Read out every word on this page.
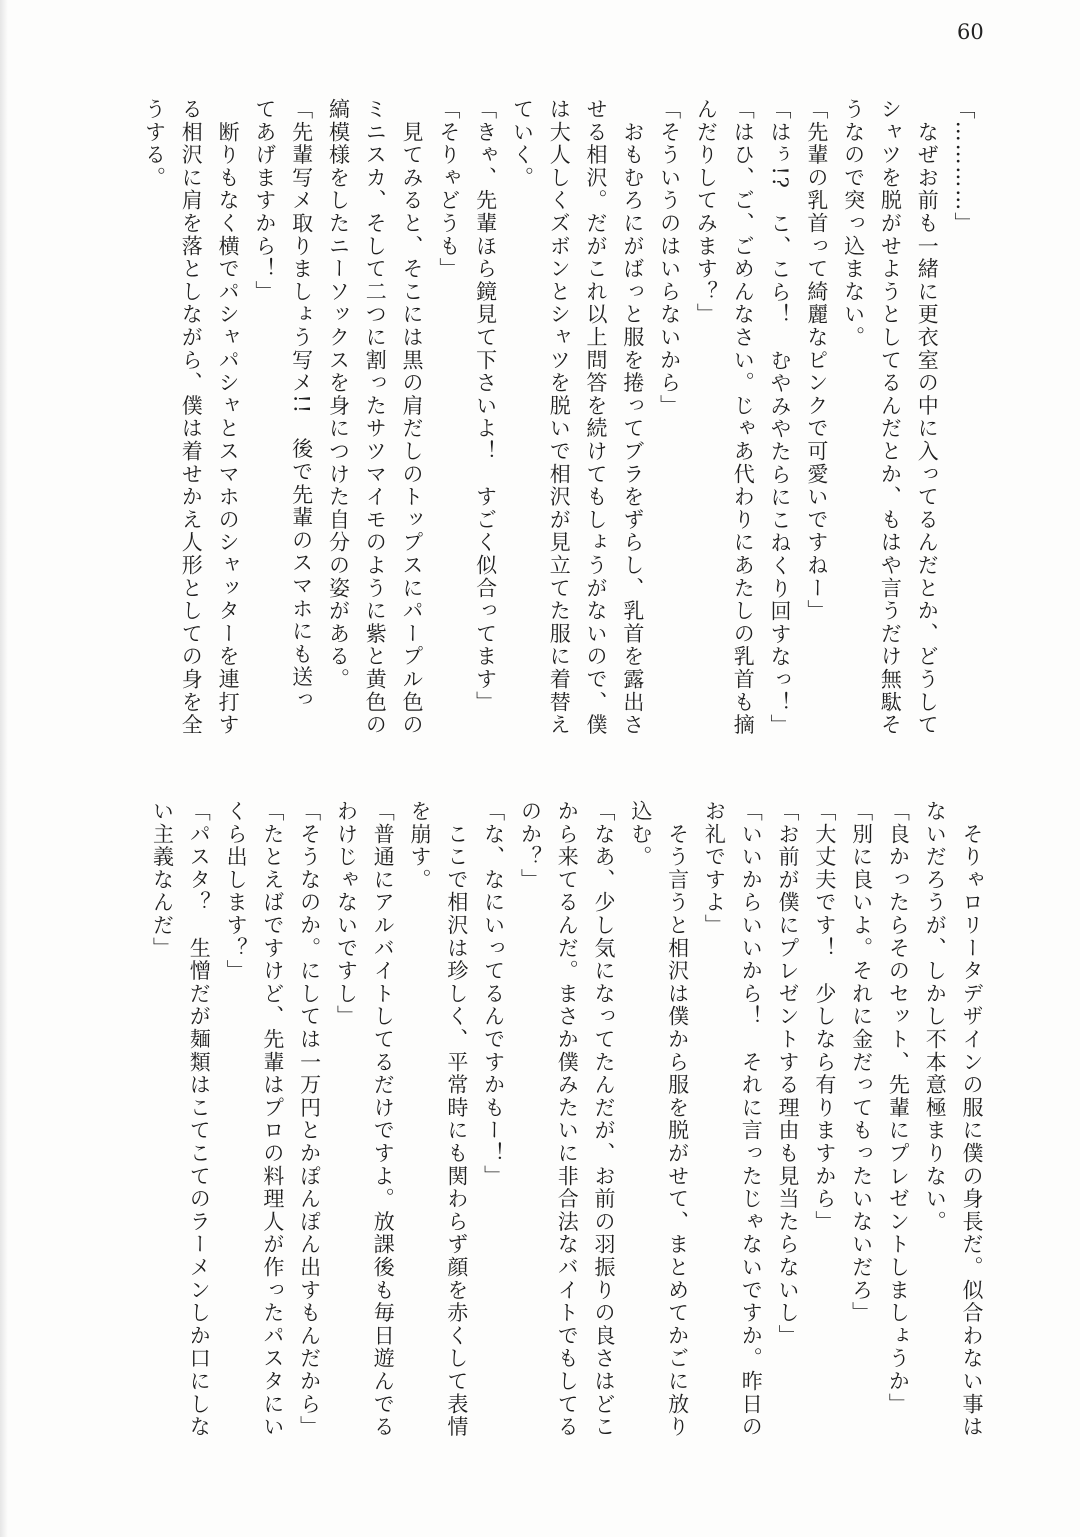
60
「…………」
　なぜお前も一緒に更衣室の中に入ってるんだとか、どうして
シャツを脱がせようとしてるんだとか、もはや言うだけ無駄そ
うなので突っ込まない。
「先輩の乳首って綺麗なピンクで可愛いですねー」
「はぅ!?　こ、こら！　むやみやたらにこねくり回すなっ！」
「はひ、ご、ごめんなさい。じゃあ代わりにあたしの乳首も摘
んだりしてみます？」
「そういうのはいらないから」
　おもむろにがばっと服を捲ってブラをずらし、乳首を露出さ
せる相沢。だがこれ以上問答を続けてもしょうがないので、僕
は大人しくズボンとシャツを脱いで相沢が見立てた服に着替え
ていく。
「きゃ、先輩ほら鏡見て下さいよ！　すごく似合ってます」
「そりゃどうも」
　見てみると、そこには黒の肩だしのトップスにパープル色の
ミニスカ、そして二つに割ったサツマイモのように紫と黄色の
縞模様をしたニーソックスを身につけた自分の姿がある。
「先輩写メ取りましょう写メ!!　後で先輩のスマホにも送っ
てあげますから！」
　断りもなく横でパシャパシャとスマホのシャッターを連打す
る相沢に肩を落としながら、僕は着せかえ人形としての身を全
うする。
　そりゃロリータデザインの服に僕の身長だ。似合わない事は
ないだろうが、しかし不本意極まりない。
「良かったらそのセット、先輩にプレゼントしましょうか」
「別に良いよ。それに金だってもったいないだろ」
「大丈夫です！　少しなら有りますから」
「お前が僕にプレゼントする理由も見当たらないし」
「いいからいいから！　それに言ったじゃないですか。昨日の
お礼ですよ」
　そう言うと相沢は僕から服を脱がせて、まとめてかごに放り
込む。
「なあ、少し気になってたんだが、お前の羽振りの良さはどこ
から来てるんだ。まさか僕みたいに非合法なバイトでもしてる
のか？」
「な、なにいってるんですかもー！」
　ここで相沢は珍しく、平常時にも関わらず顔を赤くして表情
を崩す。
「普通にアルバイトしてるだけですよ。放課後も毎日遊んでる
わけじゃないですし」
「そうなのか。にしては一万円とかぽんぽん出すもんだから」
「たとえばですけど、先輩はプロの料理人が作ったパスタにい
くら出します？」
「パスタ？　生憎だが麺類はこてこてのラーメンしか口にしな
い主義なんだ」
